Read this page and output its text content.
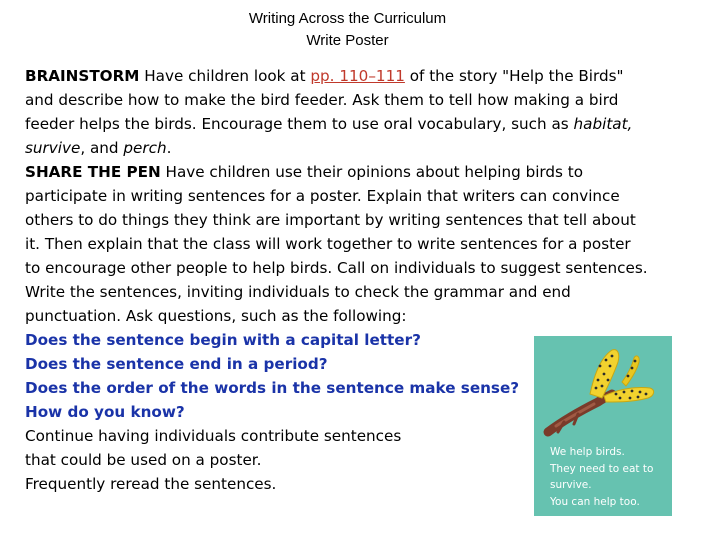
Writing Across the Curriculum
Write Poster
BRAINSTORM Have children look at pp. 110–111 of the story "Help the Birds"
and describe how to make the bird feeder. Ask them to tell how making a bird
feeder helps the birds. Encourage them to use oral vocabulary, such as habitat,
survive, and perch.
SHARE THE PEN Have children use their opinions about helping birds to
participate in writing sentences for a poster. Explain that writers can convince
others to do things they think are important by writing sentences that tell about
it. Then explain that the class will work together to write sentences for a poster
to encourage other people to help birds. Call on individuals to suggest sentences.
Write the sentences, inviting individuals to check the grammar and end
punctuation. Ask questions, such as the following:
Does the sentence begin with a capital letter?
Does the sentence end in a period?
Does the order of the words in the sentence make sense?
How do you know?
Continue having individuals contribute sentences
that could be used on a poster.
Frequently reread the sentences.
We help birds.
They need to eat to
survive.
You can help too.
